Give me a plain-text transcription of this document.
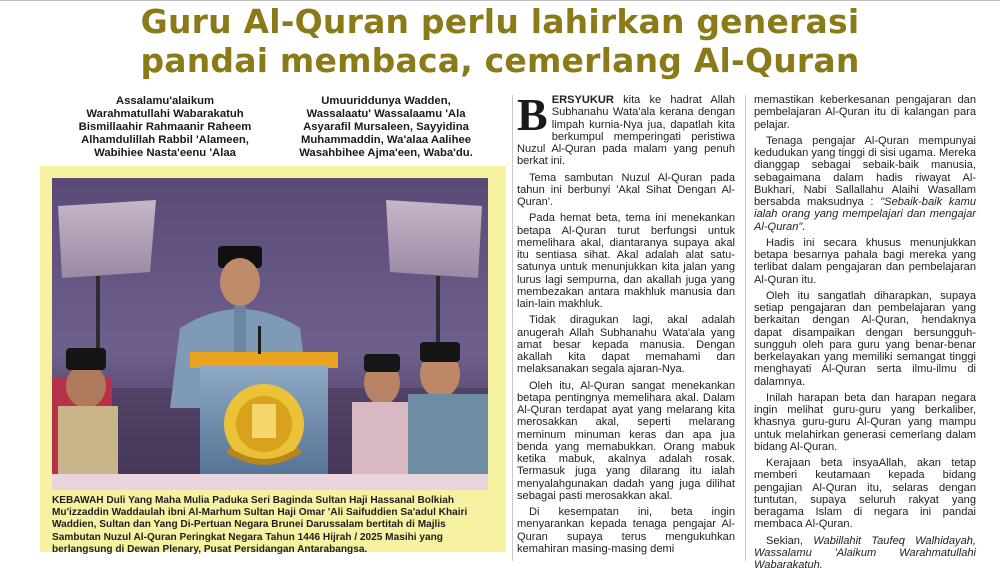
Guru Al-Quran perlu lahirkan generasi
pandai membaca, cemerlang Al-Quran
Assalamu'alaikum
Warahmatullahi Wabarakatuh
Bismillaahir Rahmaanir Raheem
Alhamdulillah Rabbil 'Alameen,
Wabihiee Nasta'eenu 'Alaa
Umuuriddunya Wadden,
Wassalaatu' Wassalaamu 'Ala
Asyarafil Mursaleen, Sayyidina
Muhammaddin, Wa'alaa Aalihee
Wasahbihee Ajma'een, Waba'du.
KEBAWAH Duli Yang Maha Mulia Paduka Seri Baginda Sultan Haji Hassanal Bolkiah Mu'izzaddin Waddaulah ibni Al-Marhum Sultan Haji Omar 'Ali Saifuddien Sa'adul Khairi Waddien, Sultan dan Yang Di-Pertuan Negara Brunei Darussalam bertitah di Majlis Sambutan Nuzul Al-Quran Peringkat Negara Tahun 1446 Hijrah / 2025 Masihi yang berlangsung di Dewan Plenary, Pusat Persidangan Antarabangsa.

BERSYUKUR kita ke hadrat Allah Subhanahu Wata'ala kerana dengan limpah kurnia-Nya jua, dapatlah kita berkumpul memperingati peristiwa Nuzul Al-Quran pada malam yang penuh berkat ini.

Tema sambutan Nuzul Al-Quran pada tahun ini berbunyi 'Akal Sihat Dengan Al-Quran'.

Pada hemat beta, tema ini menekankan betapa Al-Quran turut berfungsi untuk memelihara akal, diantaranya supaya akal itu sentiasa sihat. Akal adalah alat satu-satunya untuk menunjukkan kita jalan yang lurus lagi sempurna, dan akallah juga yang membezakan antara makhluk manusia dan lain-lain makhluk.

Tidak diragukan lagi, akal adalah anugerah Allah Subhanahu Wata'ala yang amat besar kepada manusia. Dengan akallah kita dapat memahami dan melaksanakan segala ajaran-Nya.

Oleh itu, Al-Quran sangat menekankan betapa pentingnya memelihara akal. Dalam Al-Quran terdapat ayat yang melarang kita merosakkan akal, seperti melarang meminum minuman keras dan apa jua benda yang memabukkan. Orang mabuk ketika mabuk, akalnya adalah rosak. Termasuk juga yang dilarang itu ialah menyalahgunakan dadah yang juga dilihat sebagai pasti merosakkan akal.

Di kesempatan ini, beta ingin menyarankan kepada tenaga pengajar Al-Quran supaya terus mengukuhkan kemahiran masing-masing demi

memastikan keberkesanan pengajaran dan pembelajaran Al-Quran itu di kalangan para pelajar.

Tenaga pengajar Al-Quran mempunyai kedudukan yang tinggi di sisi ugama. Mereka dianggap sebagai sebaik-baik manusia, sebagaimana dalam hadis riwayat Al-Bukhari, Nabi Sallallahu Alaihi Wasallam bersabda maksudnya : "Sebaik-baik kamu ialah orang yang mempelajari dan mengajar Al-Quran".

Hadis ini secara khusus menunjukkan betapa besarnya pahala bagi mereka yang terlibat dalam pengajaran dan pembelajaran Al-Quran itu.

Oleh itu sangatlah diharapkan, supaya setiap pengajaran dan pembelajaran yang berkaitan dengan Al-Quran, hendaknya dapat disampaikan dengan bersungguh-sungguh oleh para guru yang benar-benar berkelayakan yang memiliki semangat tinggi menghayati Al-Quran serta ilmu-ilmu di dalamnya.

Inilah harapan beta dan harapan negara ingin melihat guru-guru yang berkaliber, khasnya guru-guru Al-Quran yang mampu untuk melahirkan generasi cemerlang dalam bidang Al-Quran.

Kerajaan beta insyaAllah, akan tetap memberi keutamaan kepada bidang pengajian Al-Quran itu, selaras dengan tuntutan, supaya seluruh rakyat yang beragama Islam di negara ini pandai membaca Al-Quran.

Sekian, Wabillahit Taufeq Walhidayah, Wassalamu 'Alaikum Warahmatullahi Wabarakatuh.
